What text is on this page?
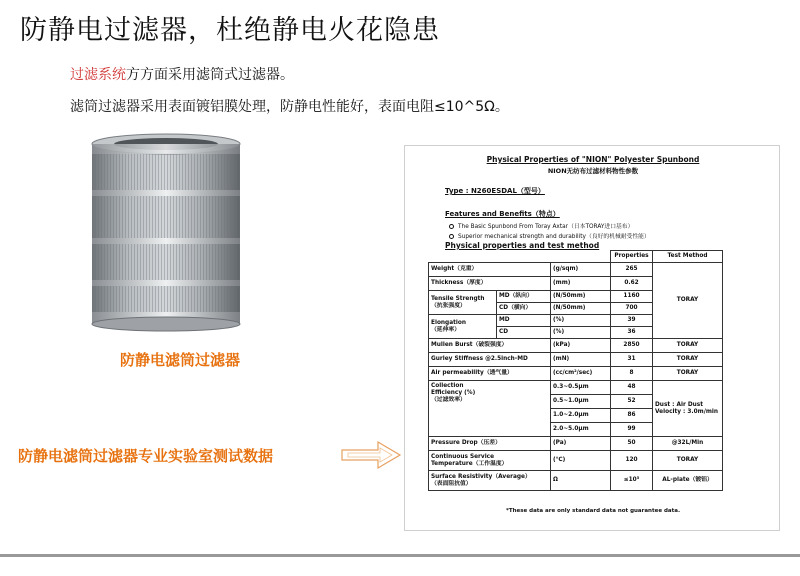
防静电过滤器，杜绝静电火花隐患
过滤系统方方面采用滤筒式过滤器。
滤筒过滤器采用表面镀铝膜处理，防静电性能好，表面电阻≤10^5Ω。
防静电滤筒过滤器
防静电滤筒过滤器专业实验室测试数据
Physical Properties of "NION" Polyester Spunbond
NION无纺布过滤材料物性参数
Type : N260ESDAL（型号）
Features and Benefits（特点）
The Basic Spunbond From Toray Axtar（日本TORAY进口基布）
Superior mechanical strength and durability（良好的机械耐受性能）
Physical properties and test method
			Properties	Test Method
Weight（克重）		(g/sqm)	265	TORAY
Thickness（厚度）		(mm)	0.62	
Tensile Strength
（抗张强度）	MD（纵向）	(N/50mm)	1160	
	CD（横向）	(N/50mm)	700	
Elongation
（延伸率）	MD	(%)	39	
	CD	(%)	36	
Mullen Burst（破裂强度）		(kPa)	2850	TORAY
Gurley Stiffness @2.5inch-MD		(mN)	31	TORAY
Air permeability（透气量）		(cc/cm²/sec)	8	TORAY
Collection
Efficiency (%)
（过滤效率）		0.3~0.5μm	48	Dust : Air Dust
Velocity : 3.0m/min
		0.5~1.0μm	52	
		1.0~2.0μm	86	
		2.0~5.0μm	99	
Pressure Drop（压差）		(Pa)	50	@32L/Min
Continuous Service
Temperature（工作温度）		(℃)	120	TORAY
Surface Resistivity（Average）
（表面阻抗值）		Ω	≤10⁵	AL-plate（镀铝）
*These data are only standard data not guarantee data.
